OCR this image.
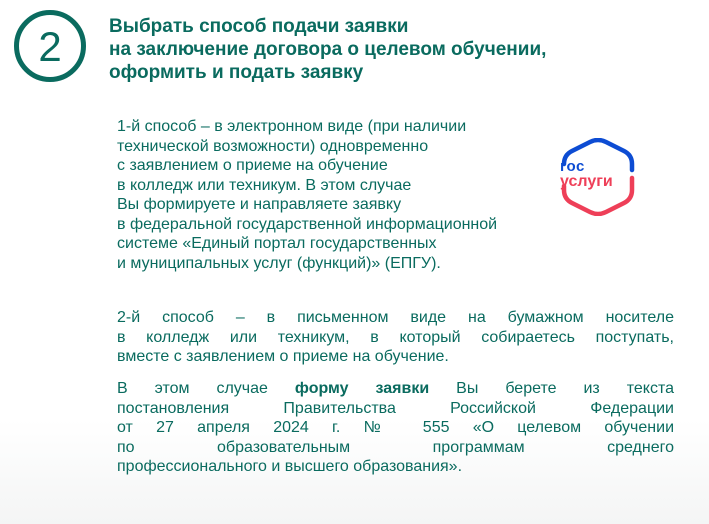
2 Выбрать способ подачи заявки
на заключение договора о целевом обучении,
оформить и подать заявку

1-й способ – в электронном виде (при наличии
технической возможности) одновременно
с заявлением о приеме на обучение
в колледж или техникум. В этом случае
Вы формируете и направляете заявку
в федеральной государственной информационной
системе «Единый портал государственных
и муниципальных услуг (функций)» (ЕПГУ).

гос
услуги

2-й способ – в письменном виде на бумажном носителе
в колледж или техникум, в который собираетесь поступать,
вместе с заявлением о приеме на обучение.

В этом случае форму заявки Вы берете из текста
постановления Правительства Российской Федерации
от 27 апреля 2024 г. № 555 «О целевом обучении
по образовательным программам среднего
профессионального и высшего образования».
